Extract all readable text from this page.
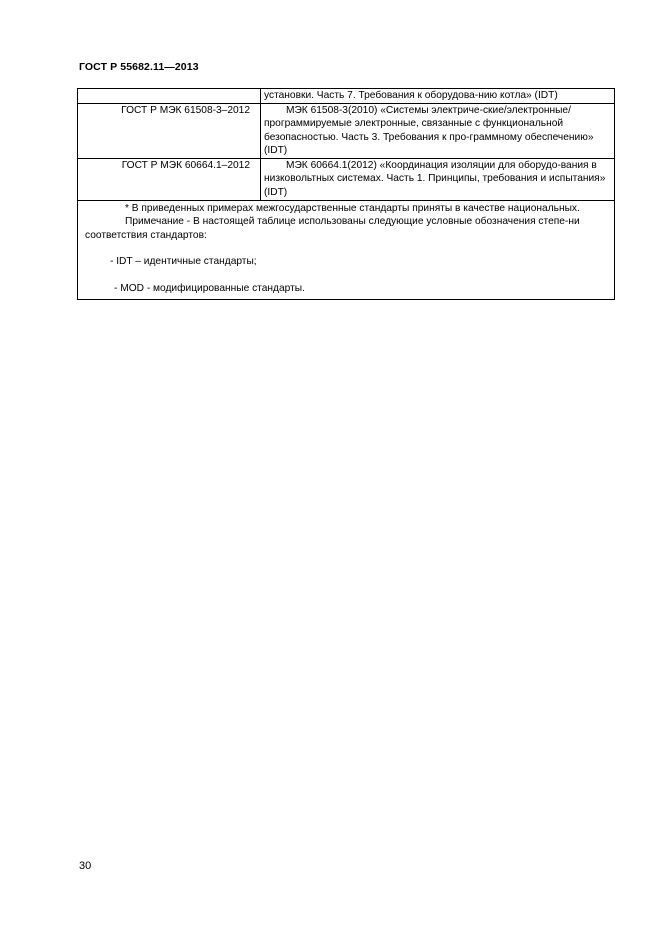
ГОСТ Р 55682.11—2013
	установки. Часть 7. Требования к оборудова-нию котла» (IDT)
ГОСТ Р МЭК 61508-3–2012	МЭК 61508-3(2010) «Системы электриче-ские/электронные/программируемые электронные, связанные с функциональной безопасностью. Часть 3. Требования к про-граммному обеспечению» (IDT)
ГОСТ Р МЭК 60664.1–2012	МЭК 60664.1(2012) «Координация изоляции для оборудо-вания в низковольтных системах. Часть 1. Принципы, требования и испытания» (IDT)

* В приведенных примерах межгосударственные стандарты приняты в качестве национальных.
Примечание - В настоящей таблице использованы следующие условные обозначения степе-ни соответствия стандартов:
- IDT – идентичные стандарты;
- MOD - модифицированные стандарты.	
30
